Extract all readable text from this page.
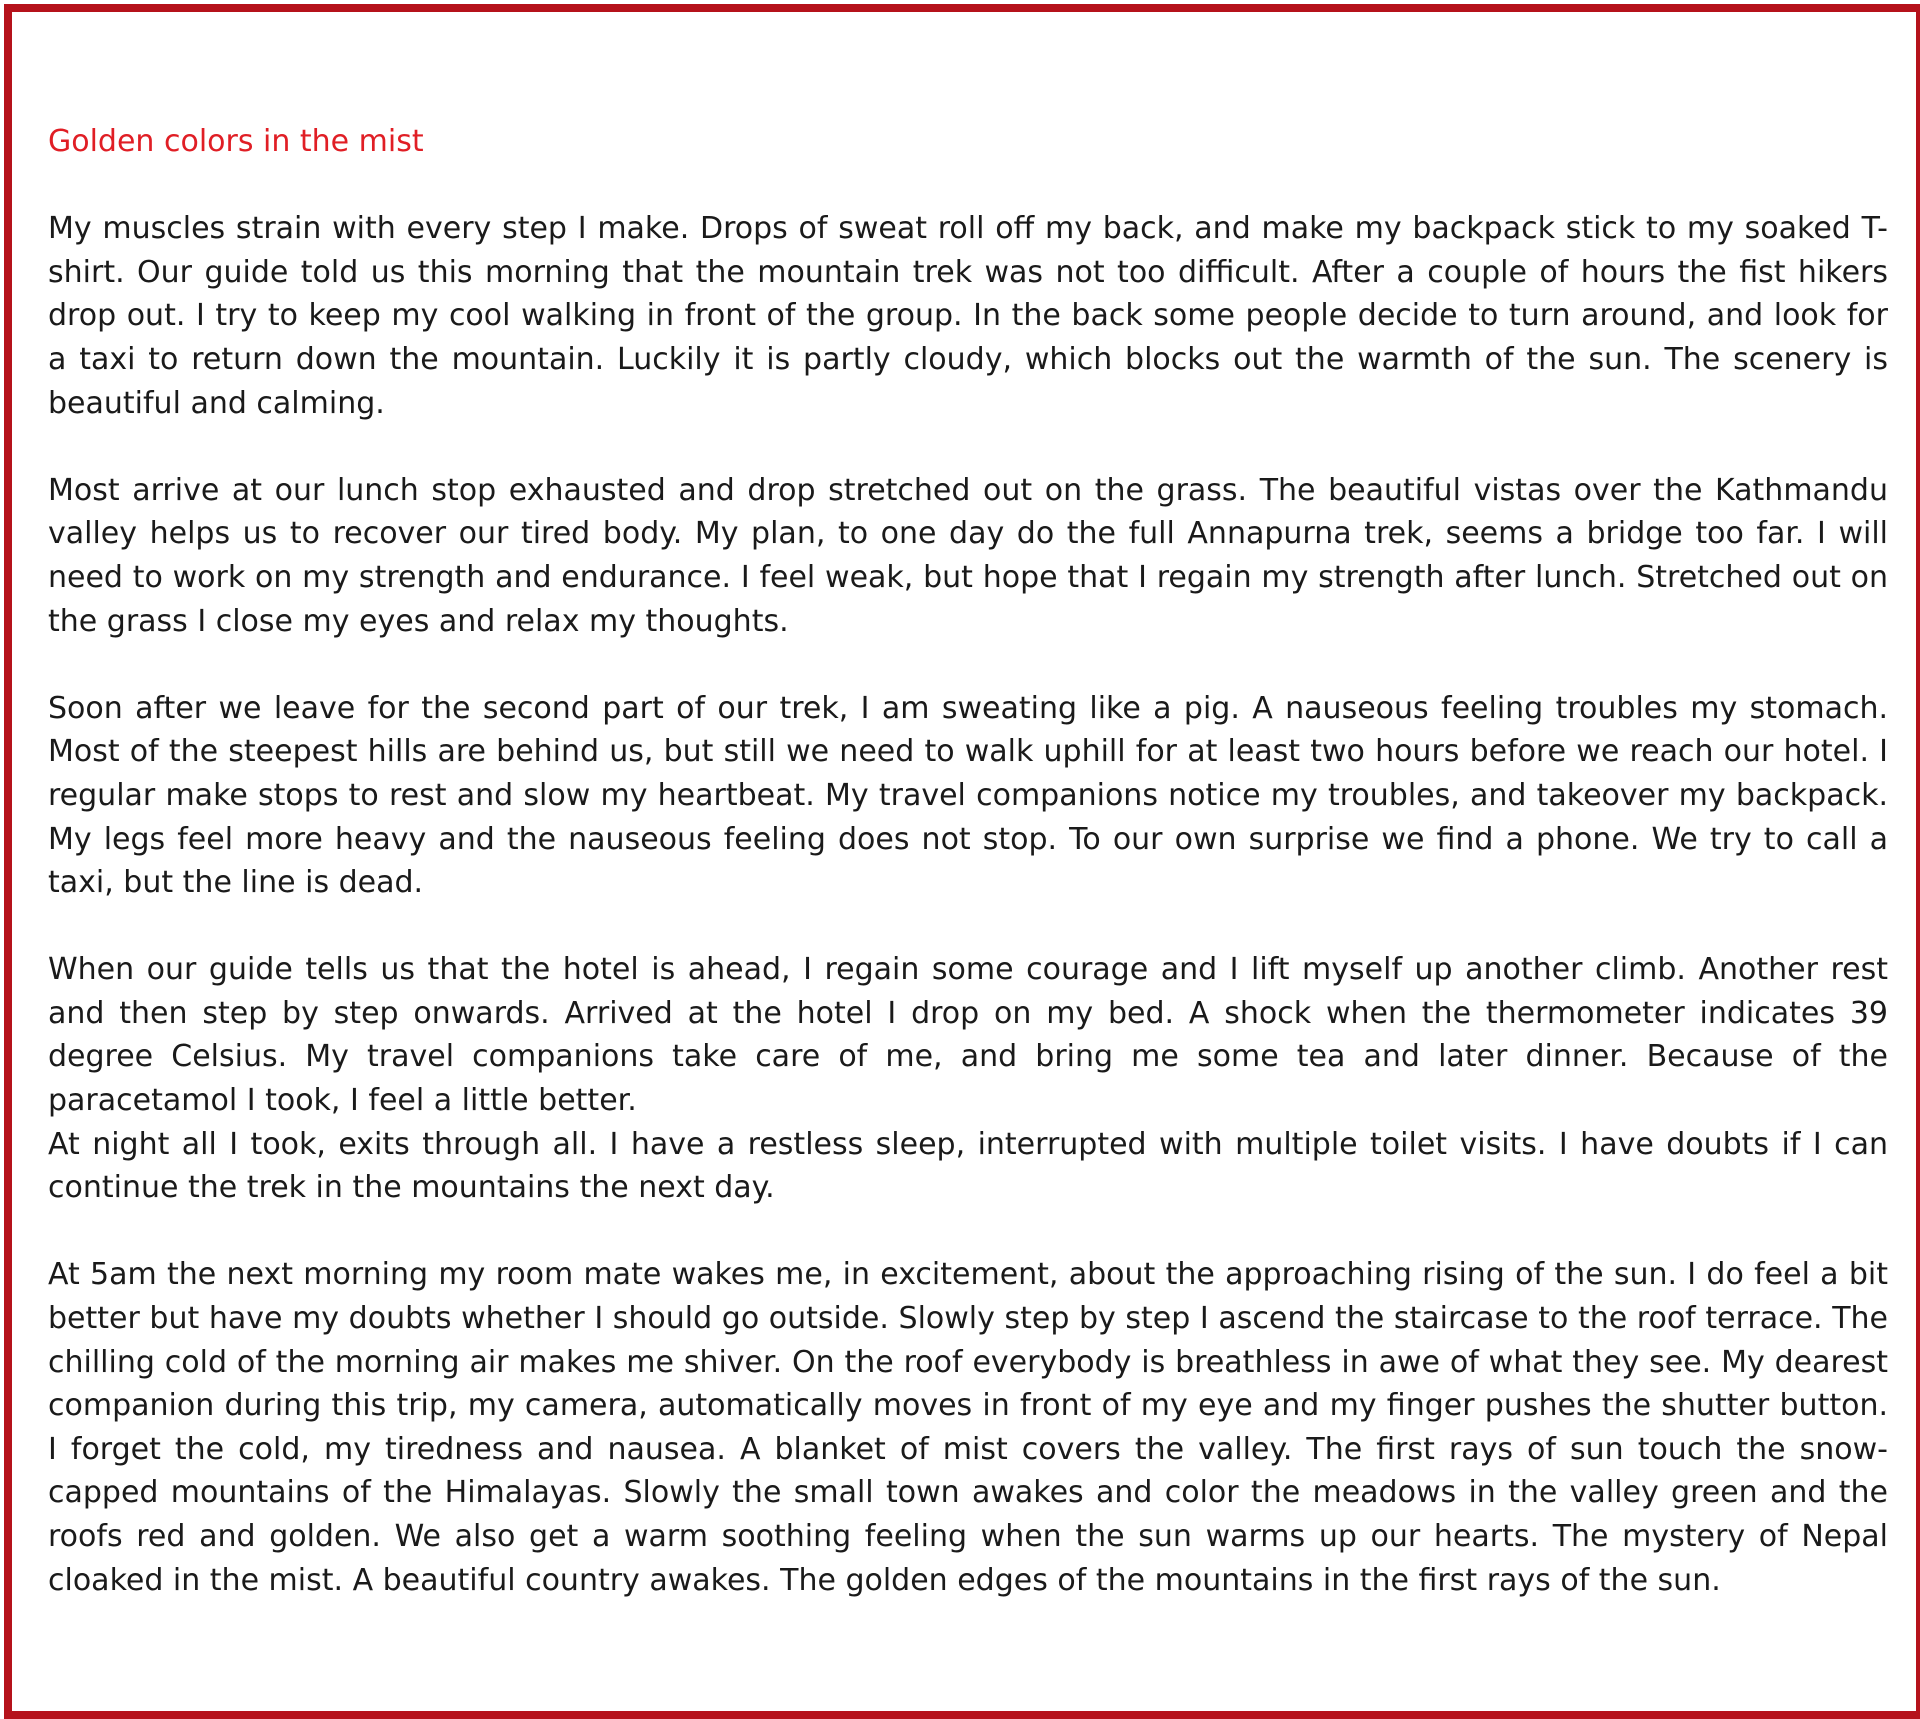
Golden colors in the mist

My muscles strain with every step I make. Drops of sweat roll off my back, and make my backpack stick to my soaked T-shirt. Our guide told us this morning that the mountain trek was not too difficult. After a couple of hours the fist hikers drop out. I try to keep my cool walking in front of the group. In the back some people decide to turn around, and look for a taxi to return down the mountain. Luckily it is partly cloudy, which blocks out the warmth of the sun. The scenery is beautiful and calming.

Most arrive at our lunch stop exhausted and drop stretched out on the grass. The beautiful vistas over the Kathmandu valley helps us to recover our tired body. My plan, to one day do the full Annapurna trek, seems a bridge too far. I will need to work on my strength and endurance. I feel weak, but hope that I regain my strength after lunch. Stretched out on the grass I close my eyes and relax my thoughts.

Soon after we leave for the second part of our trek, I am sweating like a pig. A nauseous feeling troubles my stomach. Most of the steepest hills are behind us, but still we need to walk uphill for at least two hours before we reach our hotel. I regular make stops to rest and slow my heartbeat. My travel companions notice my troubles, and takeover my backpack. My legs feel more heavy and the nauseous feeling does not stop. To our own surprise we find a phone. We try to call a taxi, but the line is dead.

When our guide tells us that the hotel is ahead, I regain some courage and I lift myself up another climb. Another rest and then step by step onwards. Arrived at the hotel I drop on my bed. A shock when the thermometer indicates 39 degree Celsius. My travel companions take care of me, and bring me some tea and later dinner. Because of the paracetamol I took, I feel a little better.

At night all I took, exits through all. I have a restless sleep, interrupted with multiple toilet visits. I have doubts if I can continue the trek in the mountains the next day.

At 5am the next morning my room mate wakes me, in excitement, about the approaching rising of the sun. I do feel a bit better but have my doubts whether I should go outside. Slowly step by step I ascend the staircase to the roof terrace. The chilling cold of the morning air makes me shiver. On the roof everybody is breathless in awe of what they see. My dearest companion during this trip, my camera, automatically moves in front of my eye and my finger pushes the shutter button. I forget the cold, my tiredness and nausea. A blanket of mist covers the valley. The first rays of sun touch the snow-capped mountains of the Himalayas. Slowly the small town awakes and color the meadows in the valley green and the roofs red and golden. We also get a warm soothing feeling when the sun warms up our hearts. The mystery of Nepal cloaked in the mist. A beautiful country awakes. The golden edges of the mountains in the first rays of the sun.
